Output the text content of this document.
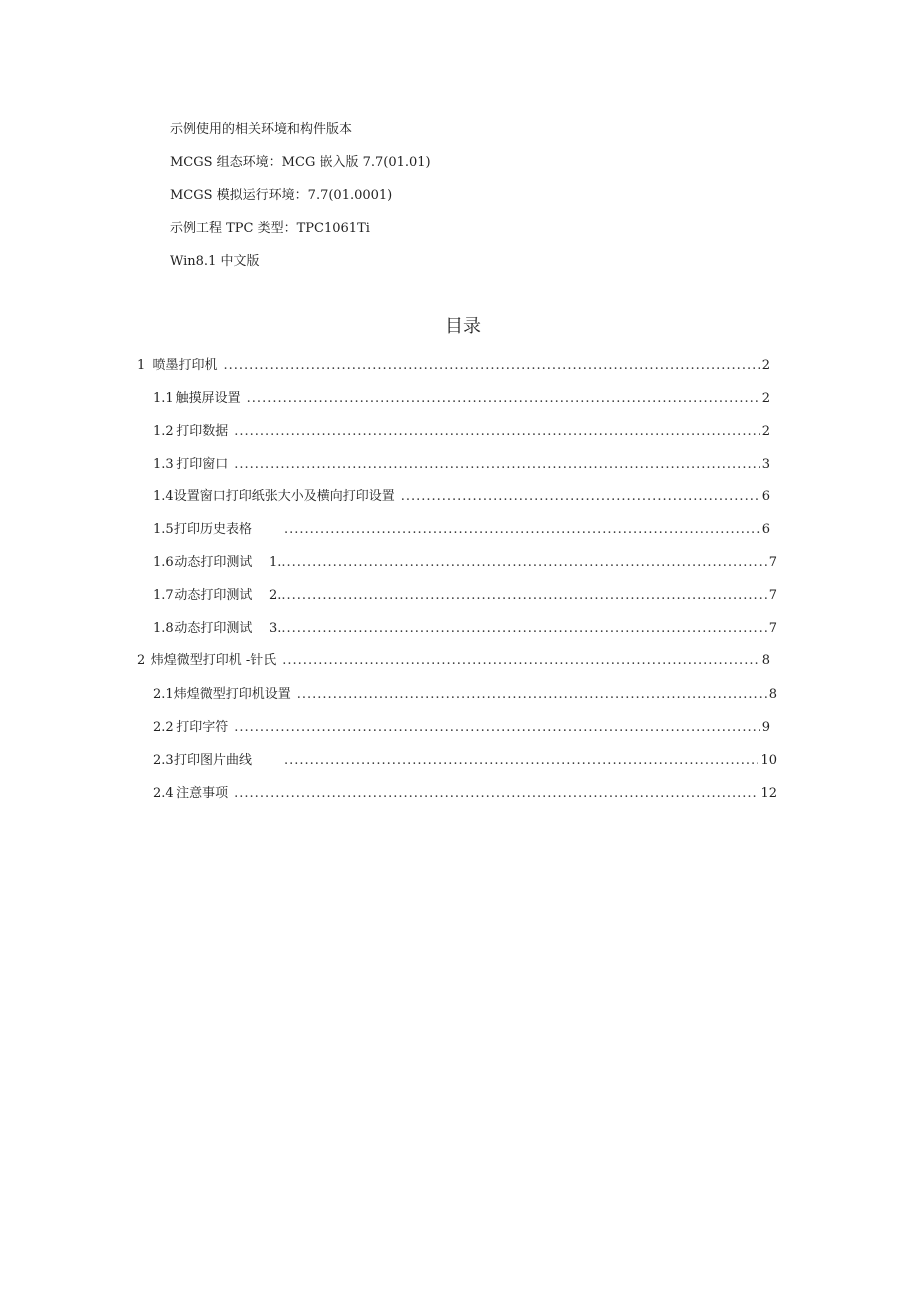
示例使用的相关环境和构件版本
MCGS 组态环境：MCG 嵌入版 7.7(01.01)
MCGS 模拟运行环境：7.7(01.0001)
示例工程 TPC 类型：TPC1061Ti
Win8.1 中文版
目录
1 喷墨打印机 .....	2
1.1 触摸屏设置 .....	2
1.2 打印数据 .....	2
1.3 打印窗口 .....	3
1.4 设置窗口打印纸张大小及横向打印设置 .....	6
1.5 打印历史表格 .....	6
1.6 动态打印测试    1. .....	7
1.7 动态打印测试    2. .....	7
1.8 动态打印测试    3. .....	7
2 炜煌微型打印机 -针氏 .....	8
2.1 炜煌微型打印机设置 .....	8
2.2 打印字符 .....	9
2.3 打印图片曲线 .....	10
2.4 注意事项 .....	12
